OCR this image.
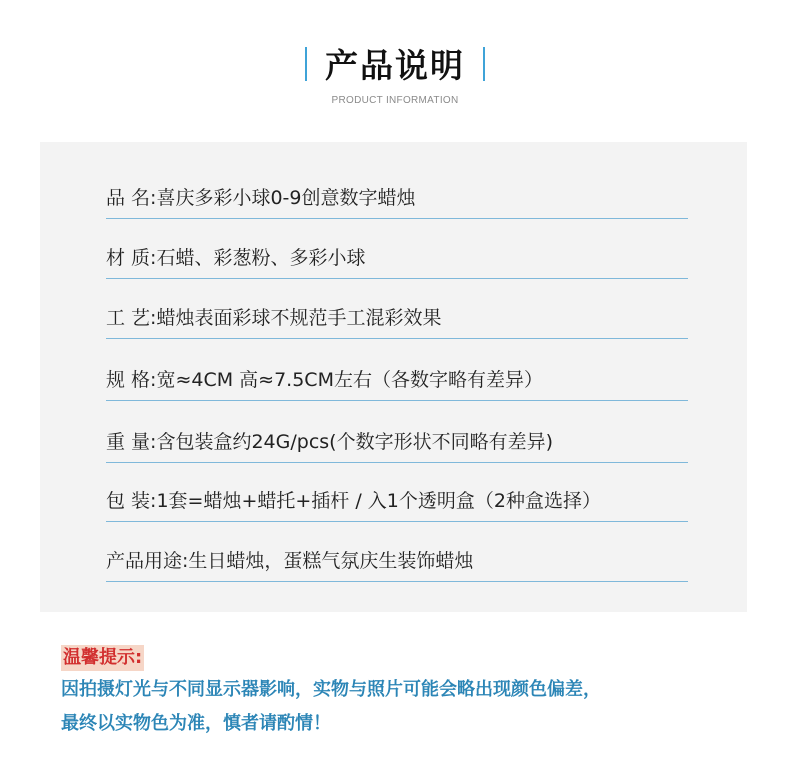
产品说明
PRODUCT INFORMATION
品 名:喜庆多彩小球0-9创意数字蜡烛
材 质:石蜡、彩葱粉、多彩小球
工 艺:蜡烛表面彩球不规范手工混彩效果
规 格:宽≈4CM 高≈7.5CM左右（各数字略有差异）
重 量:含包装盒约24G/pcs(个数字形状不同略有差异)
包 装:1套=蜡烛+蜡托+插杆 / 入1个透明盒（2种盒选择）
产品用途:生日蜡烛，蛋糕气氛庆生装饰蜡烛
温馨提示:
因拍摄灯光与不同显示器影响，实物与照片可能会略出现颜色偏差，
最终以实物色为准，慎者请酌情！
